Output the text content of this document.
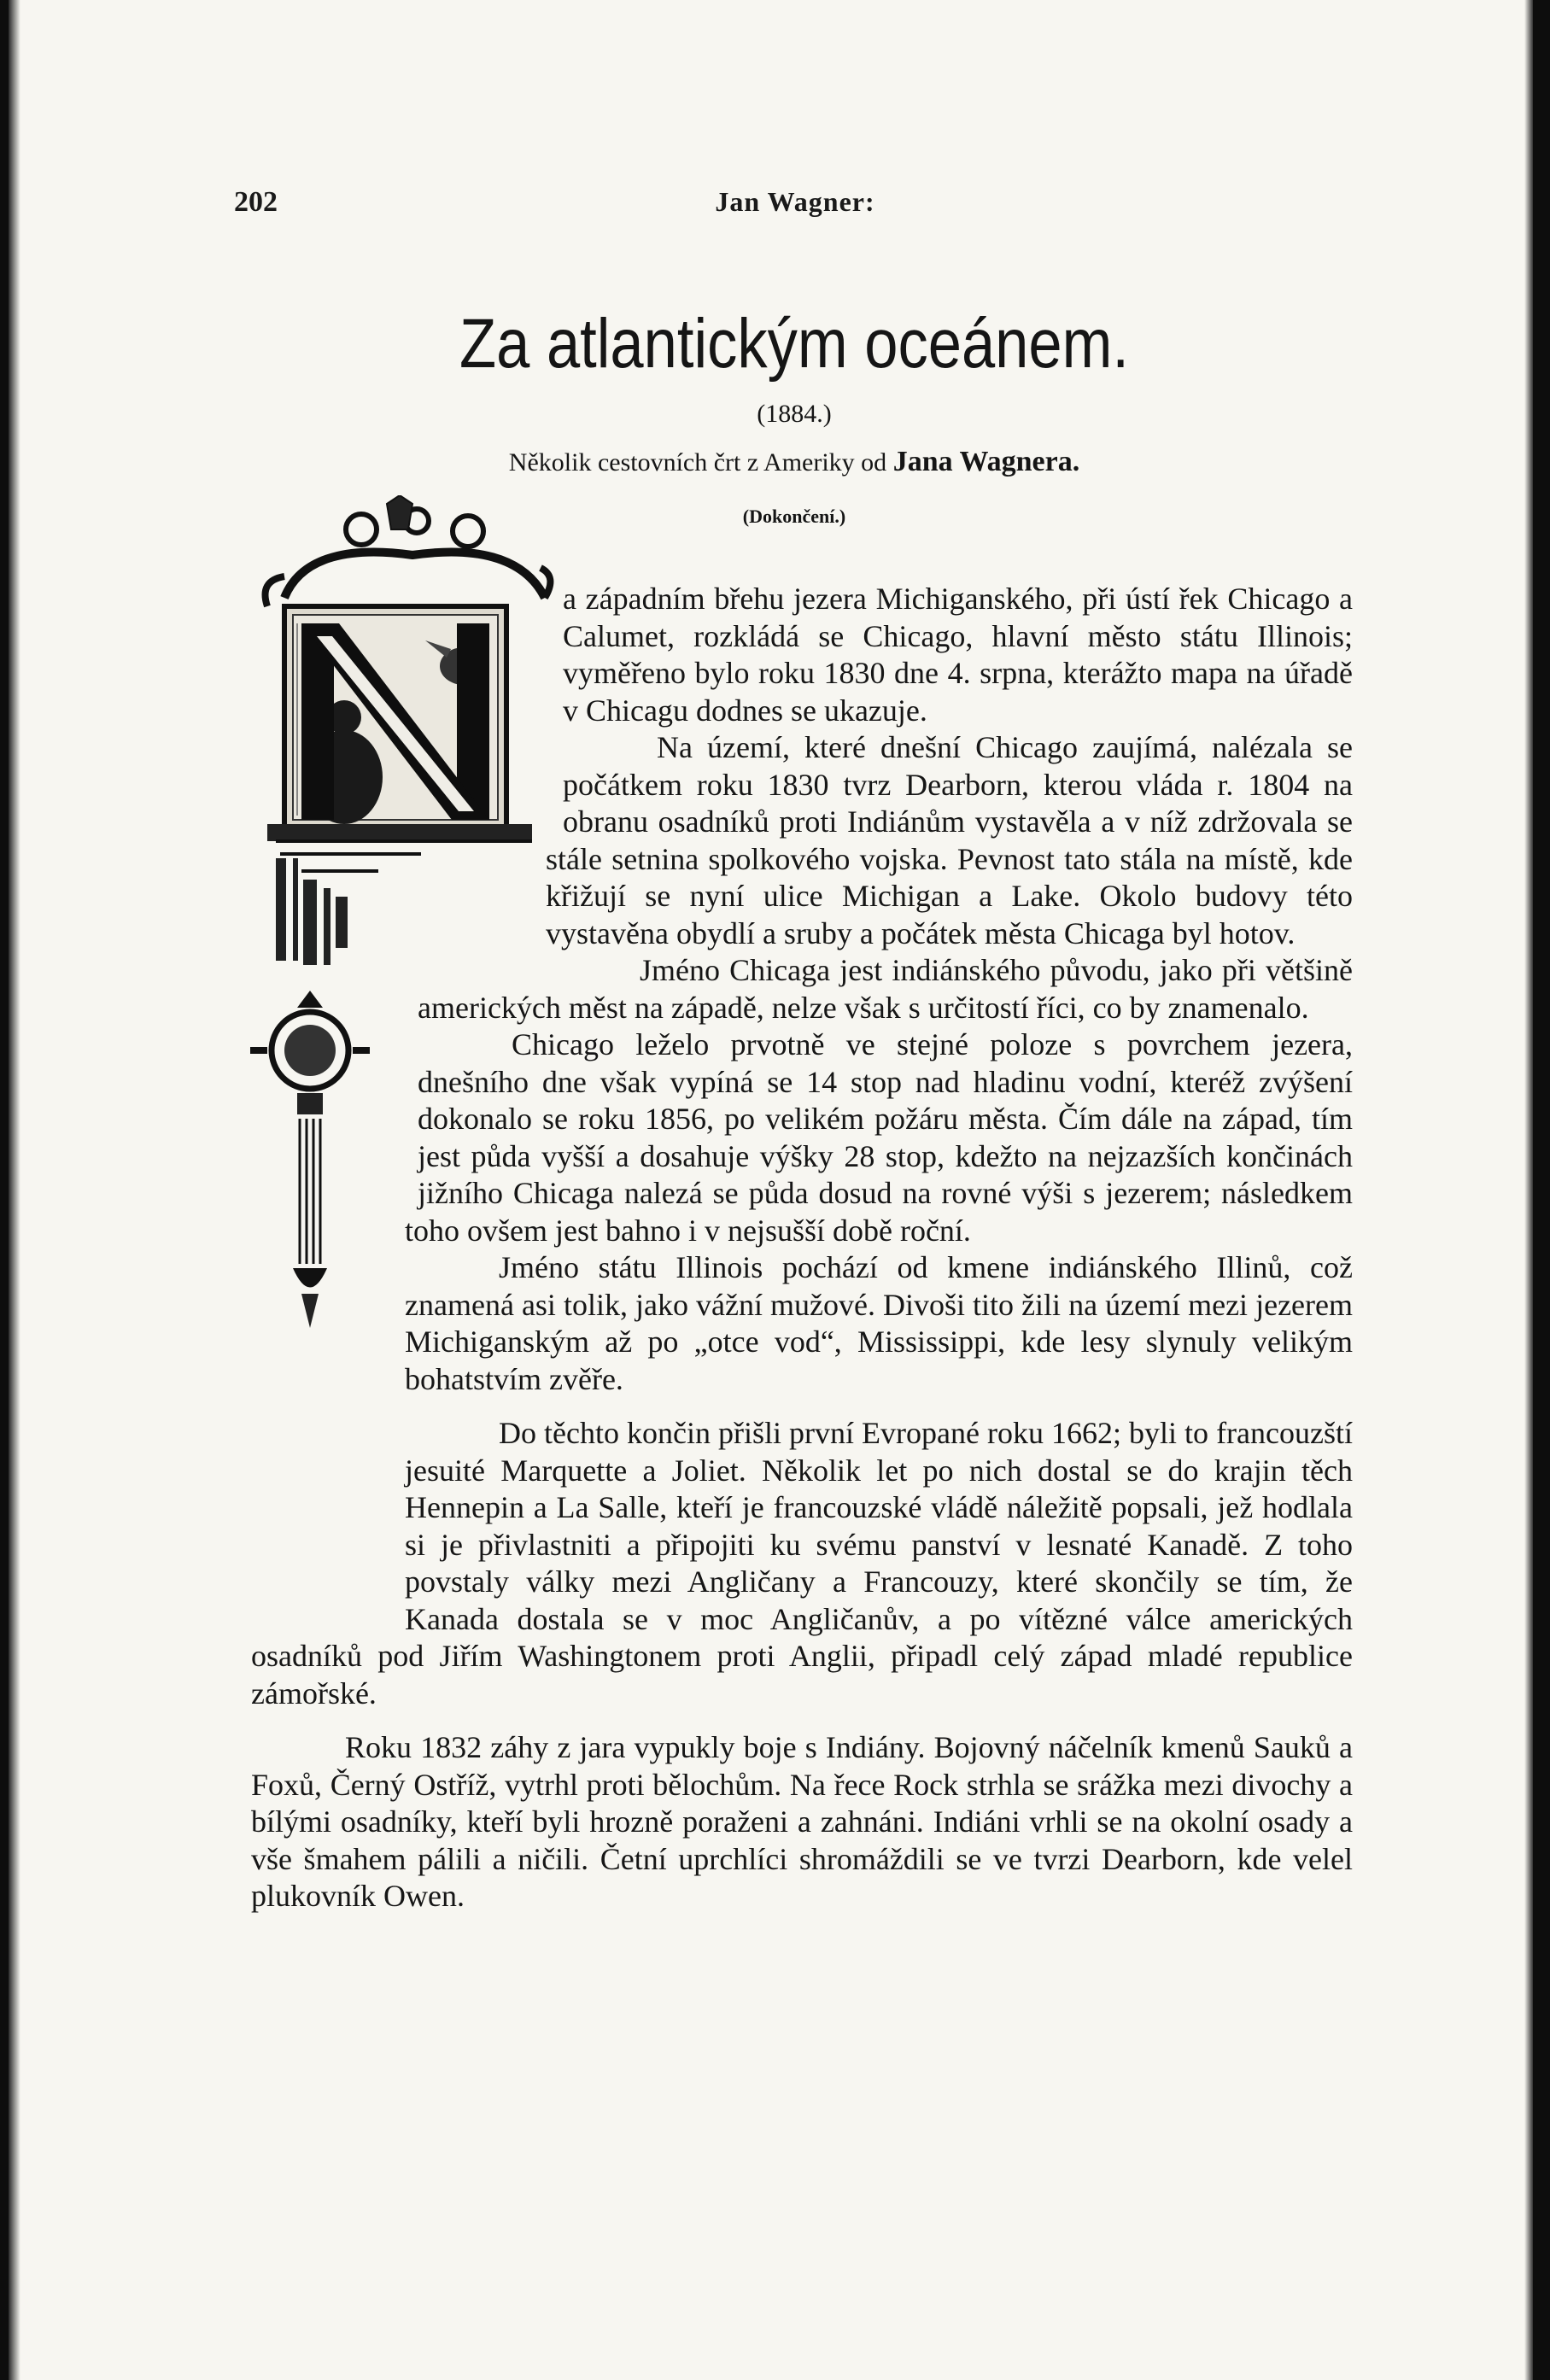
202	Jan Wagner:
Za atlantickým oceánem.
(1884.)
Několik cestovních črt z Ameriky od Jana Wagnera.
(Dokončení.)

a západním břehu jezera Michiganského, při ústí řek Chicago a Calumet, rozkládá se Chicago, hlavní město státu Illinois; vyměřeno bylo roku 1830 dne 4. srpna, kterážto mapa na úřadě v Chicagu dodnes se ukazuje.

Na území, které dnešní Chicago zaujímá, nalézala se počátkem roku 1830 tvrz Dearborn, kterou vláda r. 1804 na obranu osadníků proti Indiánům vystavěla a v níž zdržovala se stále setnina spolkového vojska. Pevnost tato stála na místě, kde křižují se nyní ulice Michigan a Lake. Okolo budovy této vystavěna obydlí a sruby a počátek města Chicaga byl hotov.

Jméno Chicaga jest indiánského původu, jako při většině amerických měst na západě, nelze však s určitostí říci, co by znamenalo.

Chicago leželo prvotně ve stejné poloze s povrchem jezera, dnešního dne však vypíná se 14 stop nad hladinu vodní, kteréž zvýšení dokonalo se roku 1856, po velikém požáru města. Čím dále na západ, tím jest půda vyšší a dosahuje výšky 28 stop, kdežto na nejzazších končinách jižního Chicaga nalezá se půda dosud na rovné výši s jezerem; následkem toho ovšem jest bahno i v nejsušší době roční.

Jméno státu Illinois pochází od kmene indiánského Illinů, což znamená asi tolik, jako vážní mužové. Divoši tito žili na území mezi jezerem Michiganským až po „otce vod“, Mississippi, kde lesy slynuly velikým bohatstvím zvěře.

Do těchto končin přišli první Evropané roku 1662; byli to francouzští jesuité Marquette a Joliet. Několik let po nich dostal se do krajin těch Hennepin a La Salle, kteří je francouzské vládě náležitě popsali, jež hodlala si je přivlastniti a připojiti ku svému panství v lesnaté Kanadě. Z toho povstaly války mezi Angličany a Francouzy, které skončily se tím, že Kanada dostala se v moc Angličanův, a po vítězné válce amerických osadníků pod Jiřím Washingtonem proti Anglii, připadl celý západ mladé republice zámořské.

Roku 1832 záhy z jara vypukly boje s Indiány. Bojovný náčelník kmenů Sauků a Foxů, Černý Ostříž, vytrhl proti bělochům. Na řece Rock strhla se srážka mezi divochy a bílými osadníky, kteří byli hrozně poraženi a zahnáni. Indiáni vrhli se na okolní osady a vše šmahem pálili a ničili. Četní uprchlíci shromáždili se ve tvrzi Dearborn, kde velel plukovník Owen.
